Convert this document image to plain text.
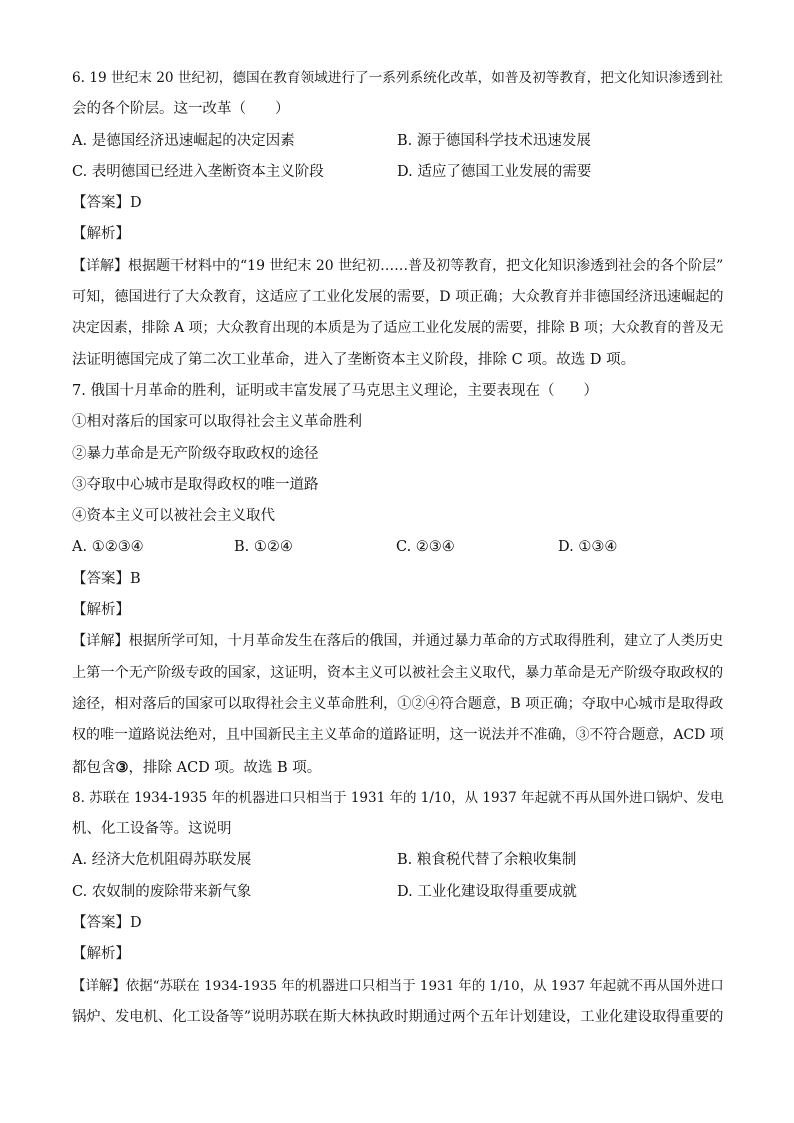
6. 19 世纪末 20 世纪初，德国在教育领域进行了一系列系统化改革，如普及初等教育，把文化知识渗透到社
会的各个阶层。这一改革（　　）
A. 是德国经济迅速崛起的决定因素	B. 源于德国科学技术迅速发展
C. 表明德国已经进入垄断资本主义阶段	D. 适应了德国工业发展的需要
【答案】D
【解析】
【详解】根据题干材料中的“19 世纪末 20 世纪初……普及初等教育，把文化知识渗透到社会的各个阶层”
可知，德国进行了大众教育，这适应了工业化发展的需要，D 项正确；大众教育并非德国经济迅速崛起的
决定因素，排除 A 项；大众教育出现的本质是为了适应工业化发展的需要，排除 B 项；大众教育的普及无
法证明德国完成了第二次工业革命，进入了垄断资本主义阶段，排除 C 项。故选 D 项。
7. 俄国十月革命的胜利，证明或丰富发展了马克思主义理论，主要表现在（　　）
①相对落后的国家可以取得社会主义革命胜利
②暴力革命是无产阶级夺取政权的途径
③夺取中心城市是取得政权的唯一道路
④资本主义可以被社会主义取代
A. ①②③④	B. ①②④	C. ②③④	D. ①③④
【答案】B
【解析】
【详解】根据所学可知，十月革命发生在落后的俄国，并通过暴力革命的方式取得胜利，建立了人类历史
上第一个无产阶级专政的国家，这证明，资本主义可以被社会主义取代，暴力革命是无产阶级夺取政权的
途径，相对落后的国家可以取得社会主义革命胜利，①②④符合题意，B 项正确；夺取中心城市是取得政
权的唯一道路说法绝对，且中国新民主主义革命的道路证明，这一说法并不准确，③不符合题意，ACD 项
都包含③，排除 ACD 项。故选 B 项。
8. 苏联在 1934-1935 年的机器进口只相当于 1931 年的 1/10，从 1937 年起就不再从国外进口锅炉、发电
机、化工设备等。这说明
A. 经济大危机阻碍苏联发展	B. 粮食税代替了余粮收集制
C. 农奴制的废除带来新气象	D. 工业化建设取得重要成就
【答案】D
【解析】
【详解】依据“苏联在 1934-1935 年的机器进口只相当于 1931 年的 1/10，从 1937 年起就不再从国外进口
锅炉、发电机、化工设备等”说明苏联在斯大林执政时期通过两个五年计划建设，工业化建设取得重要的
